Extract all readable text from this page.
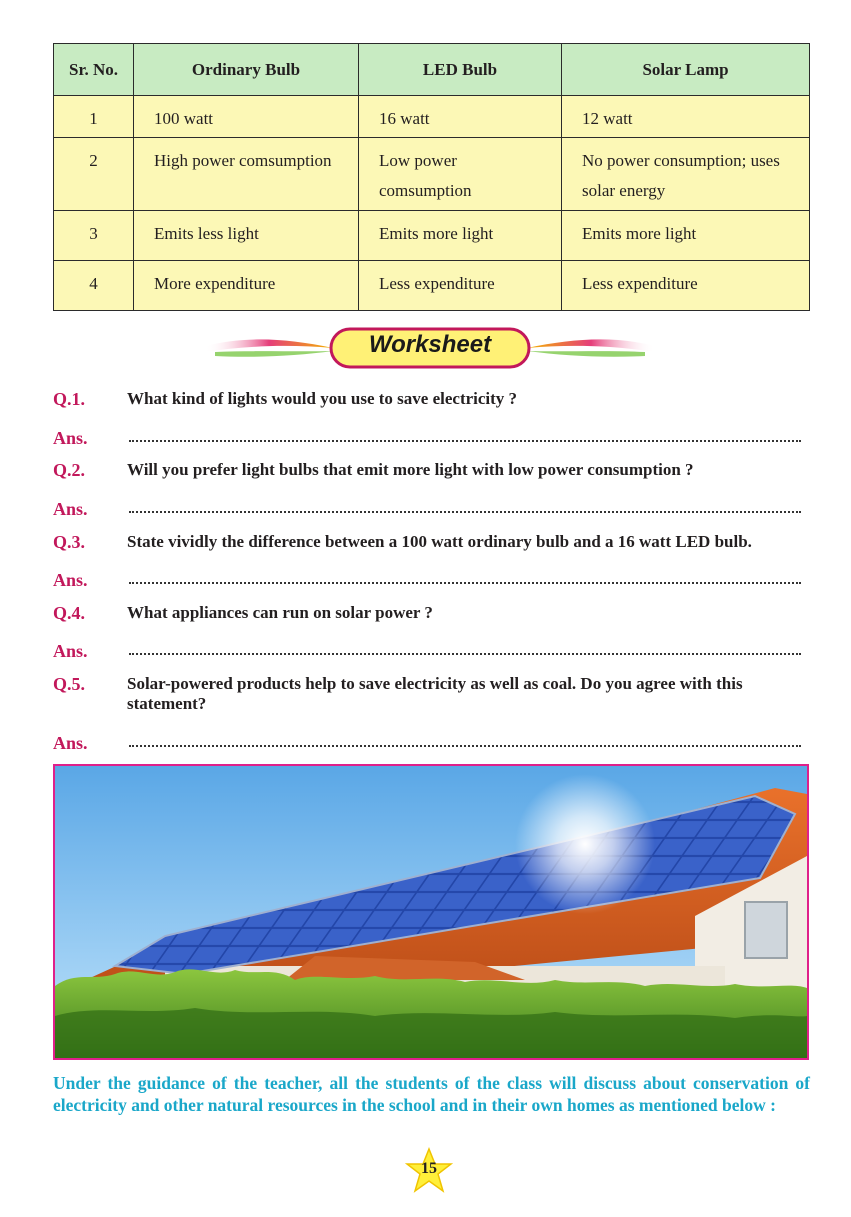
Sr. No.	Ordinary Bulb	LED Bulb	Solar Lamp

1	100 watt	16 watt	12 watt

2	High power comsumption	Low power comsumption	No power consumption; uses solar energy

3	Emits less light	Emits more light	Emits more light

4	More expenditure	Less expenditure	Less expenditure
Worksheet
Q.1. What kind of lights would you use to save electricity ?
Ans.
Q.2. Will you prefer light bulbs that emit more light with low power consumption ?
Ans.
Q.3. State vividly the difference between a 100 watt ordinary bulb and a 16 watt LED bulb.
Ans.
Q.4. What appliances can run on solar power ?
Ans.
Q.5. Solar-powered products help to save electricity as well as coal. Do you agree with this statement?
Ans.
Under the guidance of the teacher, all the students of the class will discuss about conservation of electricity and other natural resources in the school and in their own homes as mentioned below :
15
